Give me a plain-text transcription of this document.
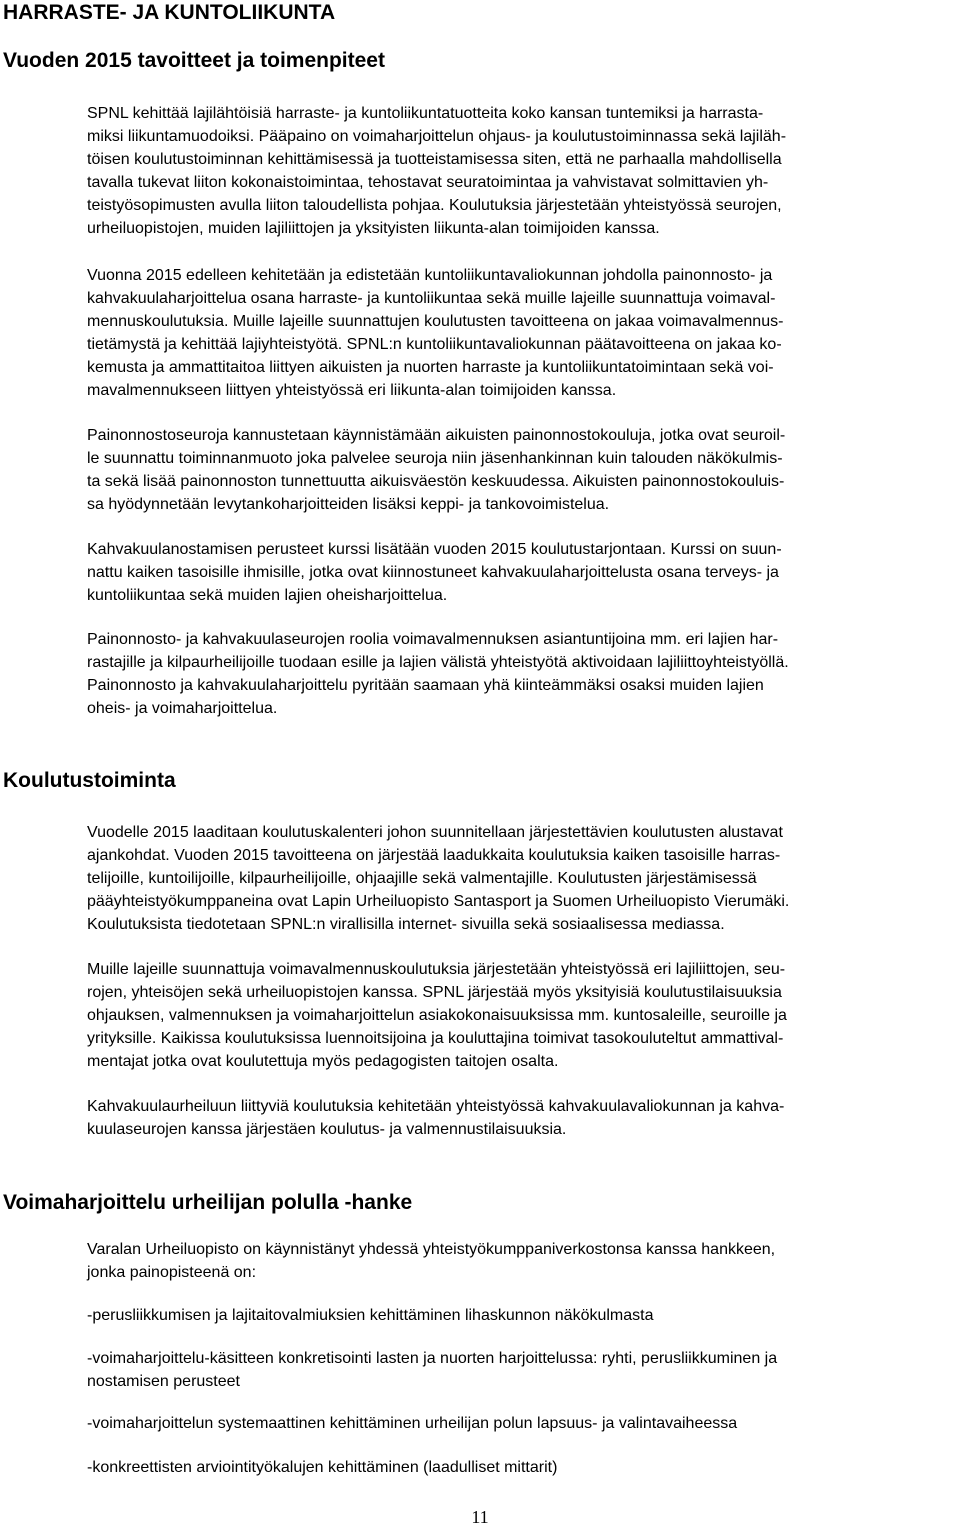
HARRASTE- JA KUNTOLIIKUNTA
Vuoden 2015 tavoitteet ja toimenpiteet
SPNL kehittää lajilähtöisiä harraste- ja kuntoliikuntatuotteita koko kansan tuntemiksi ja harrasta-
miksi liikuntamuodoiksi. Pääpaino on voimaharjoittelun ohjaus- ja koulutustoiminnassa sekä lajiläh-
töisen koulutustoiminnan kehittämisessä ja tuotteistamisessa siten, että ne parhaalla mahdollisella
tavalla tukevat liiton kokonaistoimintaa, tehostavat seuratoimintaa ja vahvistavat solmittavien yh-
teistyösopimusten avulla liiton taloudellista pohjaa. Koulutuksia järjestetään yhteistyössä seurojen,
urheiluopistojen, muiden lajiliittojen ja yksityisten liikunta-alan toimijoiden kanssa.
Vuonna 2015 edelleen kehitetään ja edistetään kuntoliikuntavaliokunnan johdolla painonnosto- ja
kahvakuulaharjoittelua osana harraste- ja kuntoliikuntaa sekä muille lajeille suunnattuja voimaval-
mennuskoulutuksia. Muille lajeille suunnattujen koulutusten tavoitteena on jakaa voimavalmennus-
tietämystä ja kehittää lajiyhteistyötä. SPNL:n kuntoliikuntavaliokunnan päätavoitteena on jakaa ko-
kemusta ja ammattitaitoa liittyen aikuisten ja nuorten harraste ja kuntoliikuntatoimintaan sekä voi-
mavalmennukseen liittyen yhteistyössä eri liikunta-alan toimijoiden kanssa.
Painonnostoseuroja kannustetaan käynnistämään aikuisten painonnostokouluja, jotka ovat seuroil-
le suunnattu toiminnanmuoto joka palvelee seuroja niin jäsenhankinnan kuin talouden näkökulmis-
ta sekä lisää painonnoston tunnettuutta aikuisväestön keskuudessa. Aikuisten painonnostokouluis-
sa hyödynnetään levytankoharjoitteiden lisäksi keppi- ja tankovoimistelua.
Kahvakuulanostamisen perusteet kurssi lisätään vuoden 2015 koulutustarjontaan. Kurssi on suun-
nattu kaiken tasoisille ihmisille, jotka ovat kiinnostuneet kahvakuulaharjoittelusta osana terveys- ja
kuntoliikuntaa sekä muiden lajien oheisharjoittelua.
Painonnosto- ja kahvakuulaseurojen roolia voimavalmennuksen asiantuntijoina mm. eri lajien har-
rastajille ja kilpaurheilijoille tuodaan esille ja lajien välistä yhteistyötä aktivoidaan lajiliittoyhteistyöllä.
Painonnosto ja kahvakuulaharjoittelu pyritään saamaan yhä kiinteämmäksi osaksi muiden lajien
oheis- ja voimaharjoittelua.
Koulutustoiminta
Vuodelle 2015 laaditaan koulutuskalenteri johon suunnitellaan järjestettävien koulutusten alustavat
ajankohdat. Vuoden 2015 tavoitteena on järjestää laadukkaita koulutuksia kaiken tasoisille harras-
telijoille, kuntoilijoille, kilpaurheilijoille, ohjaajille sekä valmentajille. Koulutusten järjestämisessä
pääyhteistyökumppaneina ovat Lapin Urheiluopisto Santasport ja Suomen Urheiluopisto Vierumäki.
Koulutuksista tiedotetaan SPNL:n virallisilla internet- sivuilla sekä sosiaalisessa mediassa.
Muille lajeille suunnattuja voimavalmennuskoulutuksia järjestetään yhteistyössä eri lajiliittojen, seu-
rojen, yhteisöjen sekä urheiluopistojen kanssa. SPNL järjestää myös yksityisiä koulutustilaisuuksia
ohjauksen, valmennuksen ja voimaharjoittelun asiakokonaisuuksissa mm. kuntosaleille, seuroille ja
yrityksille. Kaikissa koulutuksissa luennoitsijoina ja kouluttajina toimivat tasokouluteltut ammattival-
mentajat jotka ovat koulutettuja myös pedagogisten taitojen osalta.
Kahvakuulaurheiluun liittyviä koulutuksia kehitetään yhteistyössä kahvakuulavaliokunnan ja kahva-
kuulaseurojen kanssa järjestäen koulutus- ja valmennustilaisuuksia.
Voimaharjoittelu urheilijan polulla -hanke
Varalan Urheiluopisto on käynnistänyt yhdessä yhteistyökumppaniverkostonsa kanssa hankkeen,
jonka painopisteenä on:
-perusliikkumisen ja lajitaitovalmiuksien kehittäminen lihaskunnon näkökulmasta
-voimaharjoittelu-käsitteen konkretisointi lasten ja nuorten harjoittelussa: ryhti, perusliikkuminen ja
nostamisen perusteet
-voimaharjoittelun systemaattinen kehittäminen urheilijan polun lapsuus- ja valintavaiheessa
-konkreettisten arviointityökalujen kehittäminen (laadulliset mittarit)
11
